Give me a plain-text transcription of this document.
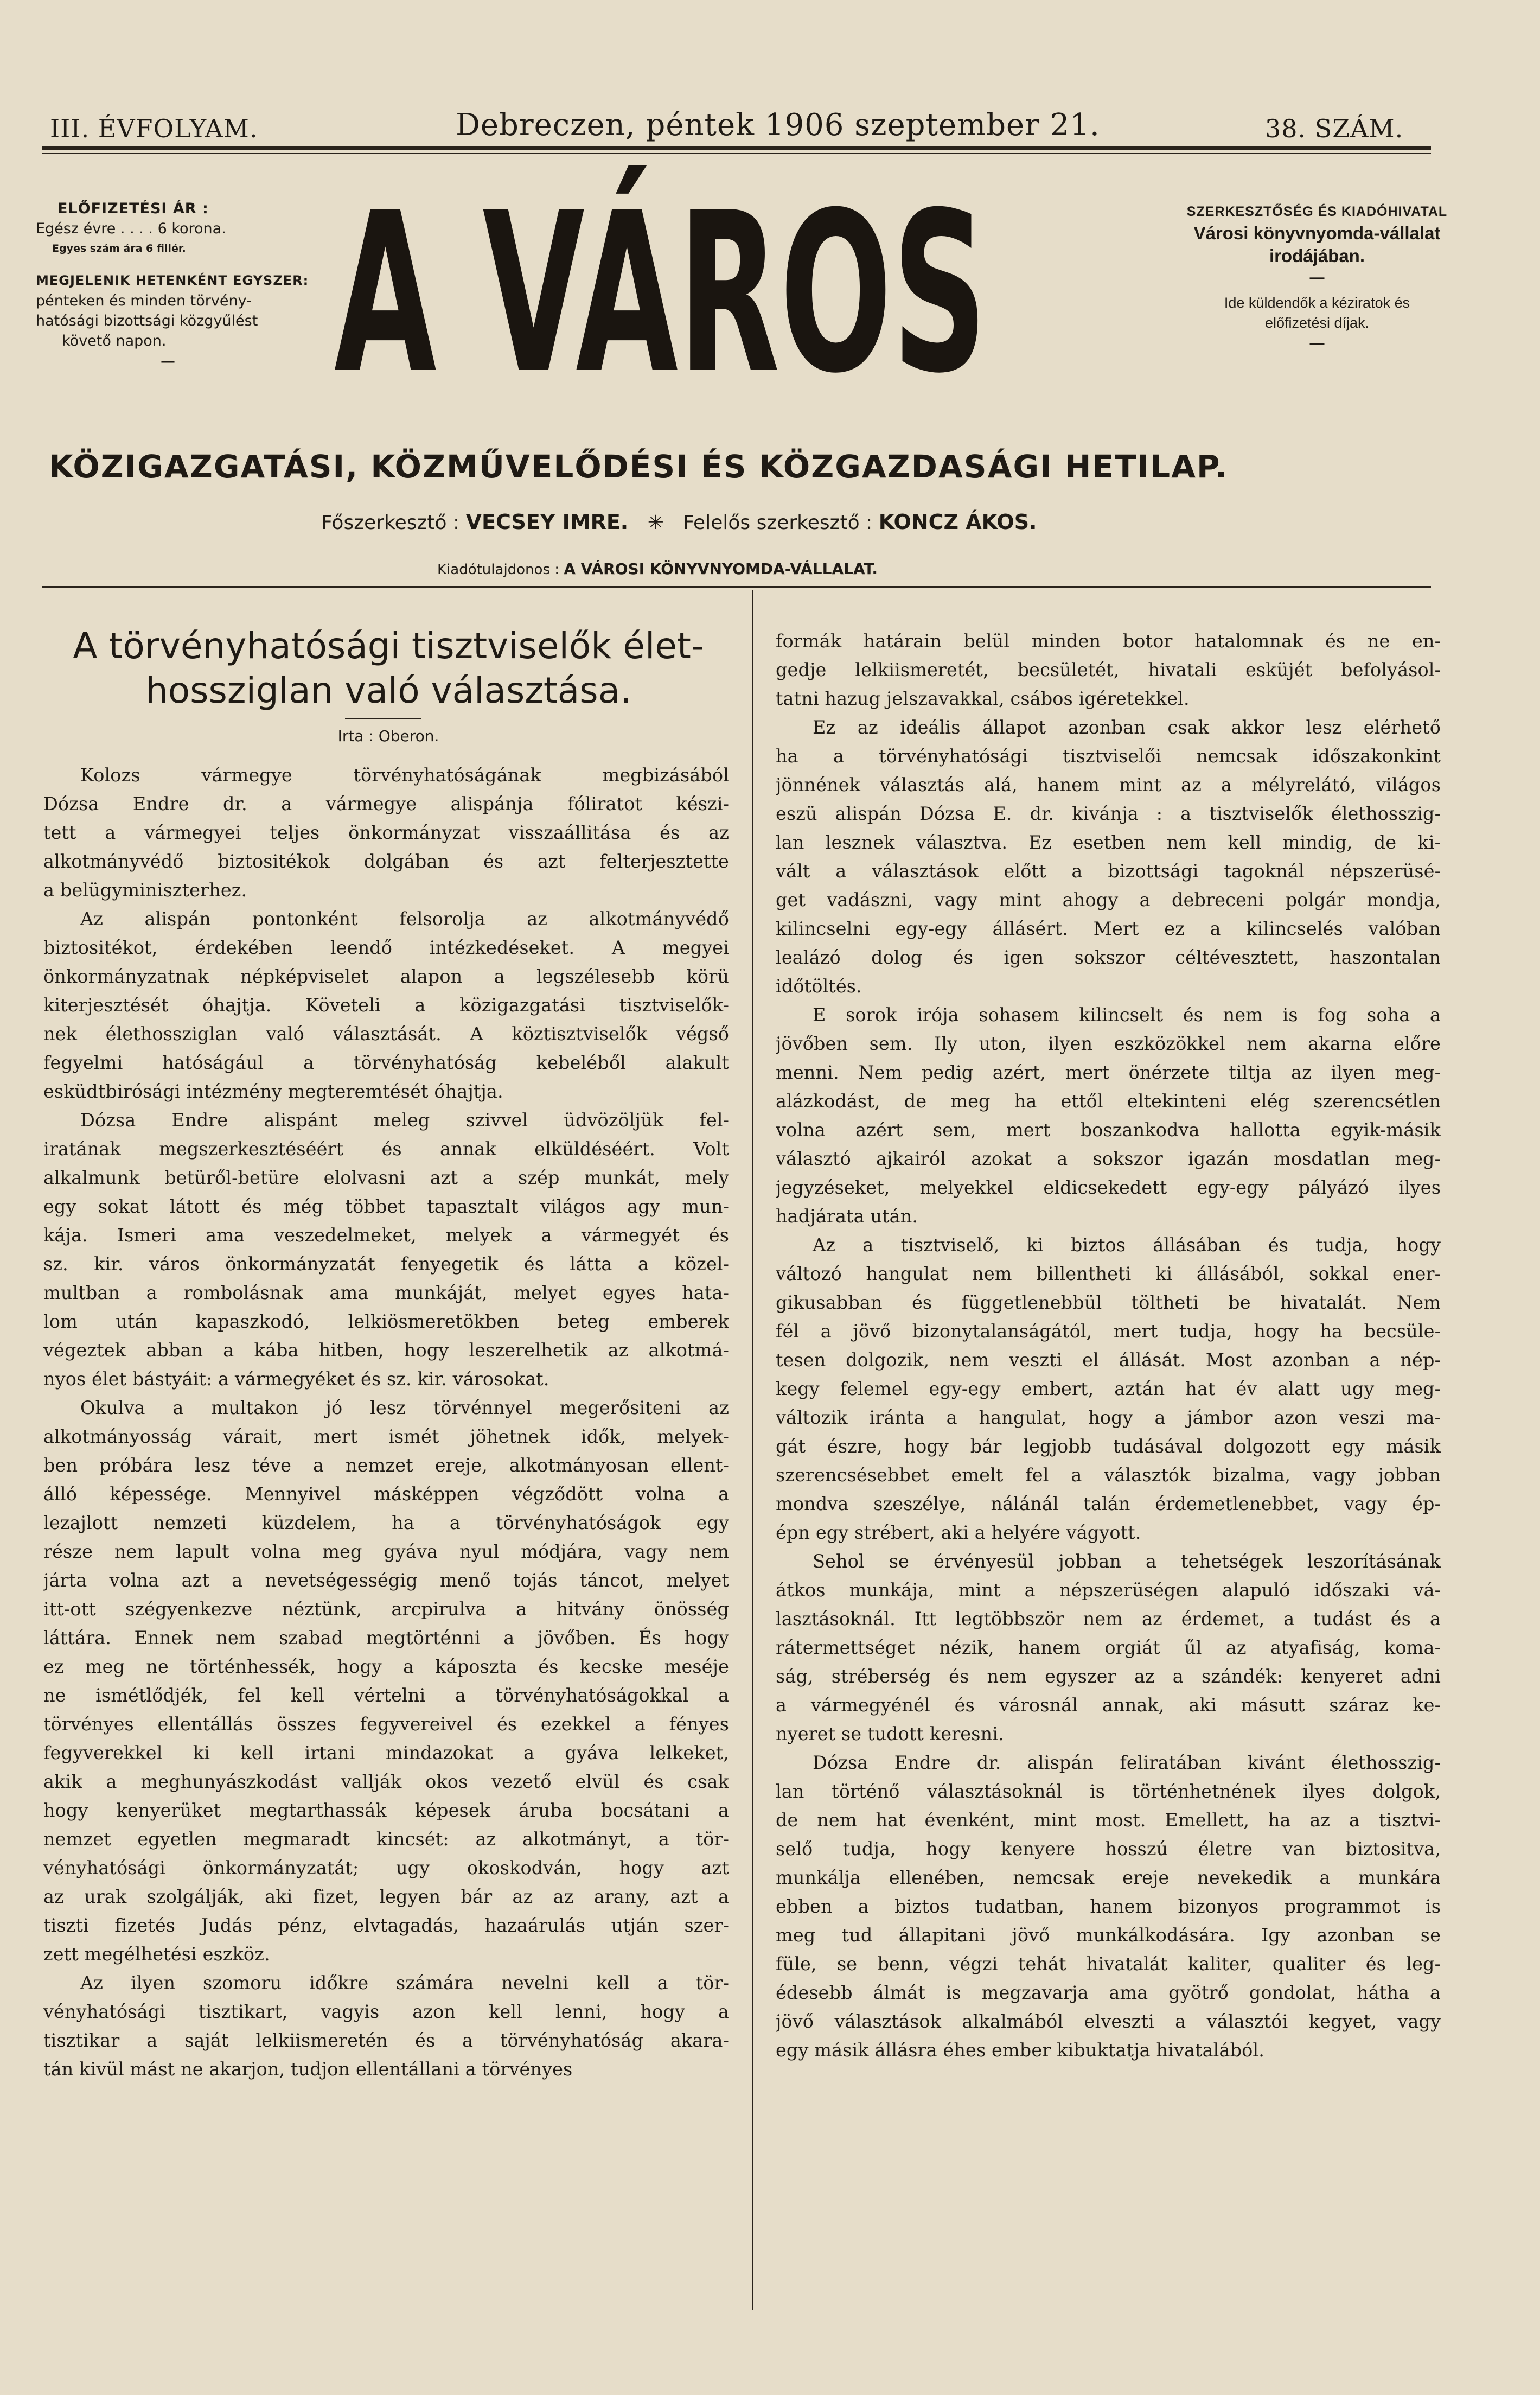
III. ÉVFOLYAM.	Debreczen, péntek 1906 szeptember 21.	38. SZÁM.
ELŐFIZETÉSI ÁR :
Egész évre . . . . 6 korona.
Egyes szám ára 6 fillér.
MEGJELENIK HETENKÉNT EGYSZER:
pénteken és minden törvény-
hatósági bizottsági közgyűlést
követő napon.
— A VÁROS	SZERKESZTŐSÉG ÉS KIADÓHIVATAL
Városi könyvnyomda-vállalat
irodájában.
—
Ide küldendők a kéziratok és
előfizetési díjak.
—
KÖZIGAZGATÁSI, KÖZMŰVELŐDÉSI ÉS KÖZGAZDASÁGI HETILAP.
Főszerkesztő : VECSEY IMRE. ✳ Felelős szerkesztő : KONCZ ÁKOS.
Kiadótulajdonos : A VÁROSI KÖNYVNYOMDA-VÁLLALAT.
A törvényhatósági tisztviselők élet-
hossziglan való választása.
Irta : Oberon.

Kolozs vármegye törvényhatóságának megbizásából
Dózsa Endre dr. a vármegye alispánja fóliratot készi-
tett a vármegyei teljes önkormányzat visszaállitása és az
alkotmányvédő biztositékok dolgában és azt felterjesztette
a belügyminiszterhez.

Az alispán pontonként felsorolja az alkotmányvédő
biztositékot, érdekében leendő intézkedéseket. A megyei
önkormányzatnak népképviselet alapon a legszélesebb körü
kiterjesztését óhajtja. Követeli a közigazgatási tisztviselők-
nek élethossziglan való választását. A köztisztviselők végső
fegyelmi hatóságául a törvényhatóság kebeléből alakult
esküdtbirósági intézmény megteremtését óhajtja.

Dózsa Endre alispánt meleg szivvel üdvözöljük fel-
iratának megszerkesztéséért és annak elküldéséért. Volt
alkalmunk betüről-betüre elolvasni azt a szép munkát, mely
egy sokat látott és még többet tapasztalt világos agy mun-
kája. Ismeri ama veszedelmeket, melyek a vármegyét és
sz. kir. város önkormányzatát fenyegetik és látta a közel-
multban a rombolásnak ama munkáját, melyet egyes hata-
lom után kapaszkodó, lelkiösmeretökben beteg emberek
végeztek abban a kába hitben, hogy leszerelhetik az alkotmá-
nyos élet bástyáit: a vármegyéket és sz. kir. városokat.

Okulva a multakon jó lesz törvénnyel megerősiteni az
alkotmányosság várait, mert ismét jöhetnek idők, melyek-
ben próbára lesz téve a nemzet ereje, alkotmányosan ellent-
álló képessége. Mennyivel másképpen végződött volna a
lezajlott nemzeti küzdelem, ha a törvényhatóságok egy
része nem lapult volna meg gyáva nyul módjára, vagy nem
járta volna azt a nevetségességig menő tojás táncot, melyet
itt-ott szégyenkezve néztünk, arcpirulva a hitvány önösség
láttára. Ennek nem szabad megtörténni a jövőben. És hogy
ez meg ne történhessék, hogy a káposzta és kecske meséje
ne ismétlődjék, fel kell vértelni a törvényhatóságokkal a
törvényes ellentállás összes fegyvereivel és ezekkel a fényes
fegyverekkel ki kell irtani mindazokat a gyáva lelkeket,
akik a meghunyászkodást vallják okos vezető elvül és csak
hogy kenyerüket megtarthassák képesek áruba bocsátani a
nemzet egyetlen megmaradt kincsét: az alkotmányt, a tör-
vényhatósági önkormányzatát; ugy okoskodván, hogy azt
az urak szolgálják, aki fizet, legyen bár az az arany, azt a
tiszti fizetés Judás pénz, elvtagadás, hazaárulás utján szer-
zett megélhetési eszköz.

Az ilyen szomoru időkre számára nevelni kell a tör-
vényhatósági tisztikart, vagyis azon kell lenni, hogy a
tisztikar a saját lelkiismeretén és a törvényhatóság akara-
tán kivül mást ne akarjon, tudjon ellentállani a törvényes

formák határain belül minden botor hatalomnak és ne en-
gedje lelkiismeretét, becsületét, hivatali esküjét befolyásol-
tatni hazug jelszavakkal, csábos igéretekkel.

Ez az ideális állapot azonban csak akkor lesz elérhető
ha a törvényhatósági tisztviselői nemcsak időszakonkint
jönnének választás alá, hanem mint az a mélyrelátó, világos
eszü alispán Dózsa E. dr. kivánja : a tisztviselők élethosszig-
lan lesznek választva. Ez esetben nem kell mindig, de ki-
vált a választások előtt a bizottsági tagoknál népszerüsé-
get vadászni, vagy mint ahogy a debreceni polgár mondja,
kilincselni egy-egy állásért. Mert ez a kilincselés valóban
lealázó dolog és igen sokszor céltévesztett, haszontalan
időtöltés.

E sorok irója sohasem kilincselt és nem is fog soha a
jövőben sem. Ily uton, ilyen eszközökkel nem akarna előre
menni. Nem pedig azért, mert önérzete tiltja az ilyen meg-
alázkodást, de meg ha ettől eltekinteni elég szerencsétlen
volna azért sem, mert boszankodva hallotta egyik-másik
választó ajkairól azokat a sokszor igazán mosdatlan meg-
jegyzéseket, melyekkel eldicsekedett egy-egy pályázó ilyes
hadjárata után.

Az a tisztviselő, ki biztos állásában és tudja, hogy
változó hangulat nem billentheti ki állásából, sokkal ener-
gikusabban és függetlenebbül töltheti be hivatalát. Nem
fél a jövő bizonytalanságától, mert tudja, hogy ha becsüle-
tesen dolgozik, nem veszti el állását. Most azonban a nép-
kegy felemel egy-egy embert, aztán hat év alatt ugy meg-
változik iránta a hangulat, hogy a jámbor azon veszi ma-
gát észre, hogy bár legjobb tudásával dolgozott egy másik
szerencsésebbet emelt fel a választók bizalma, vagy jobban
mondva szeszélye, nálánál talán érdemetlenebbet, vagy ép-
épn egy strébert, aki a helyére vágyott.

Sehol se érvényesül jobban a tehetségek leszorításának
átkos munkája, mint a népszerüségen alapuló időszaki vá-
lasztásoknál. Itt legtöbbször nem az érdemet, a tudást és a
rátermettséget nézik, hanem orgiát űl az atyafiság, koma-
ság, stréberség és nem egyszer az a szándék: kenyeret adni
a vármegyénél és városnál annak, aki másutt száraz ke-
nyeret se tudott keresni.

Dózsa Endre dr. alispán feliratában kivánt élethosszig-
lan történő választásoknál is történhetnének ilyes dolgok,
de nem hat évenként, mint most. Emellett, ha az a tisztvi-
selő tudja, hogy kenyere hosszú életre van biztositva,
munkálja ellenében, nemcsak ereje nevekedik a munkára
ebben a biztos tudatban, hanem bizonyos programmot is
meg tud állapitani jövő munkálkodására. Igy azonban se
füle, se benn, végzi tehát hivatalát kaliter, qualiter és leg-
édesebb álmát is megzavarja ama gyötrő gondolat, hátha a
jövő választások alkalmából elveszti a választói kegyet, vagy
egy másik állásra éhes ember kibuktatja hivatalából.
